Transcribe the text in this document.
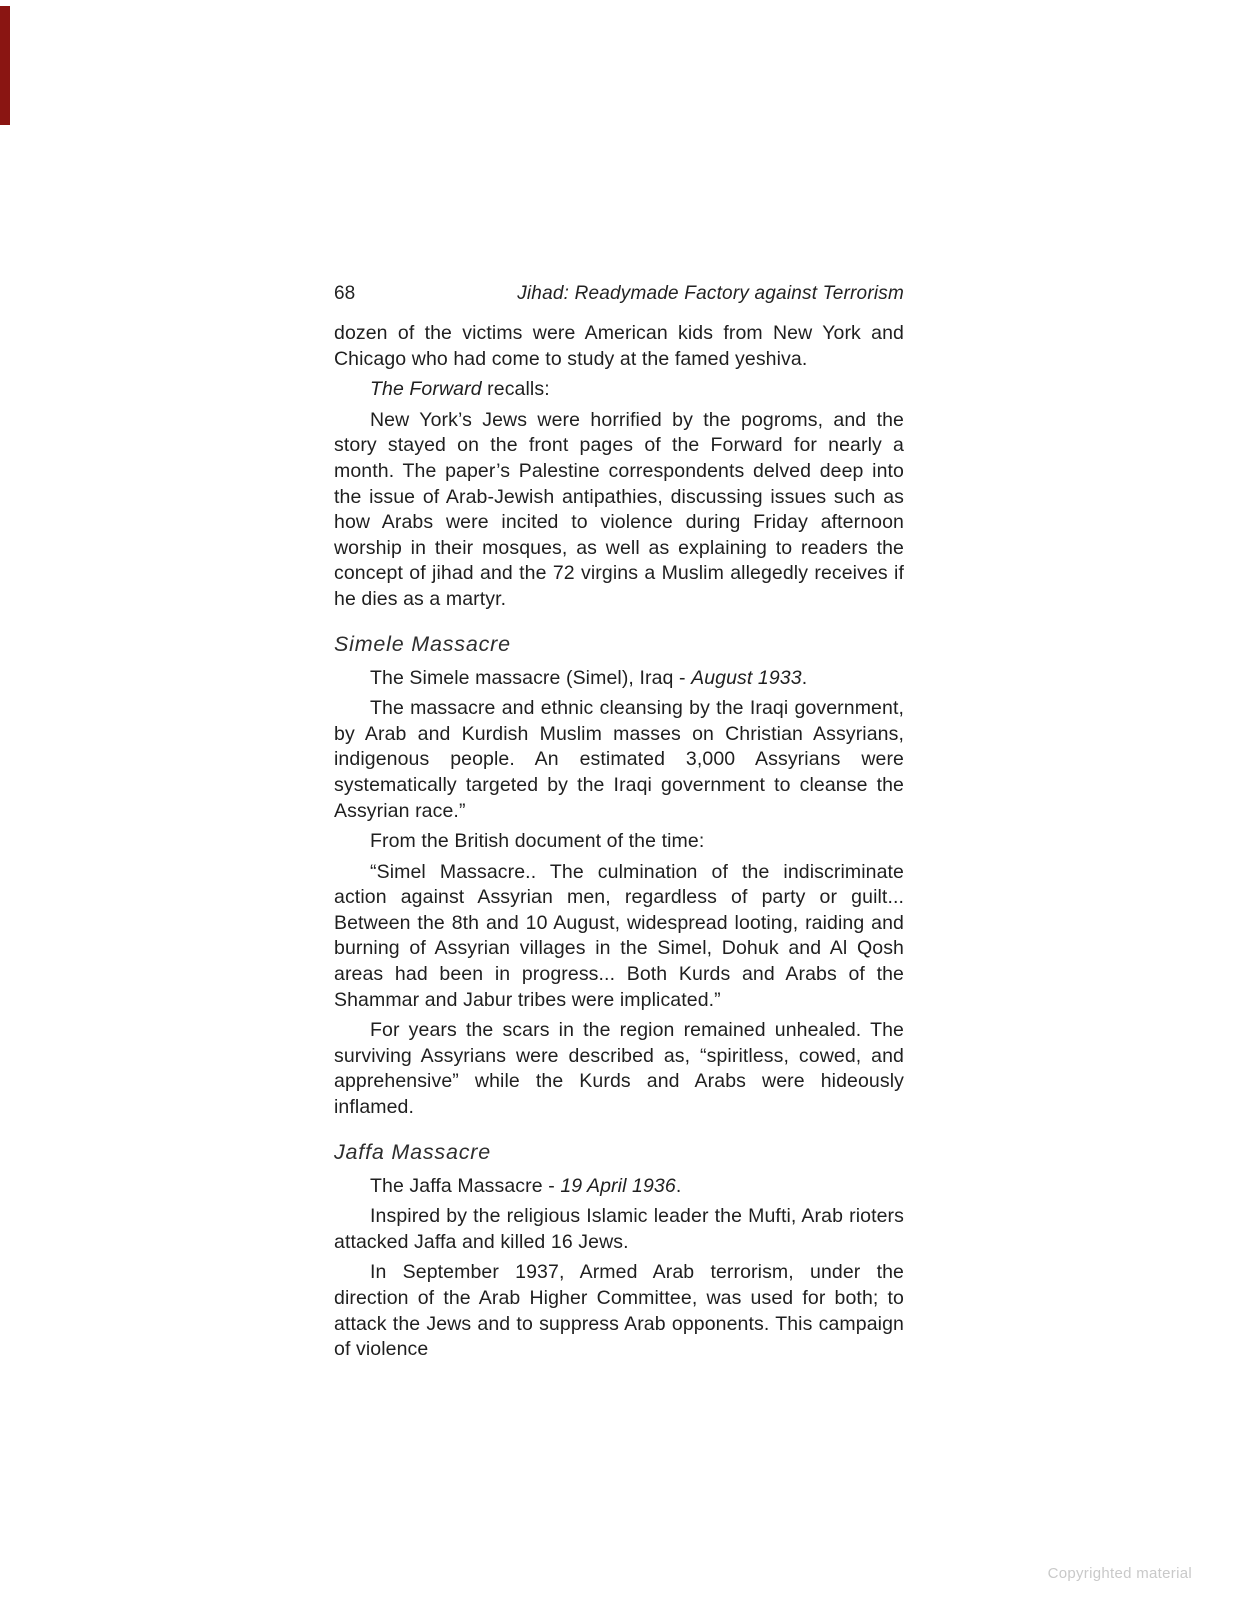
68	Jihad: Readymade Factory against Terrorism

dozen of the victims were American kids from New York and Chicago who had come to study at the famed yeshiva.

The Forward recalls:

New York’s Jews were horrified by the pogroms, and the story stayed on the front pages of the Forward for nearly a month. The paper’s Palestine correspondents delved deep into the issue of Arab-Jewish antipathies, discussing issues such as how Arabs were incited to violence during Friday afternoon worship in their mosques, as well as explaining to readers the concept of jihad and the 72 virgins a Muslim allegedly receives if he dies as a martyr.

Simele Massacre

The Simele massacre (Simel), Iraq - August 1933.

The massacre and ethnic cleansing by the Iraqi government, by Arab and Kurdish Muslim masses on Christian Assyrians, indigenous people. An estimated 3,000 Assyrians were systematically targeted by the Iraqi government to cleanse the Assyrian race.”

From the British document of the time:

“Simel Massacre.. The culmination of the indiscriminate action against Assyrian men, regardless of party or guilt... Between the 8th and 10 August, widespread looting, raiding and burning of Assyrian villages in the Simel, Dohuk and Al Qosh areas had been in progress... Both Kurds and Arabs of the Shammar and Jabur tribes were implicated.”

For years the scars in the region remained unhealed. The surviving Assyrians were described as, “spiritless, cowed, and apprehensive” while the Kurds and Arabs were hideously inflamed.

Jaffa Massacre

The Jaffa Massacre - 19 April 1936.

Inspired by the religious Islamic leader the Mufti, Arab rioters attacked Jaffa and killed 16 Jews.

In September 1937, Armed Arab terrorism, under the direction of the Arab Higher Committee, was used for both; to attack the Jews and to suppress Arab opponents. This campaign of violence

Copyrighted material
